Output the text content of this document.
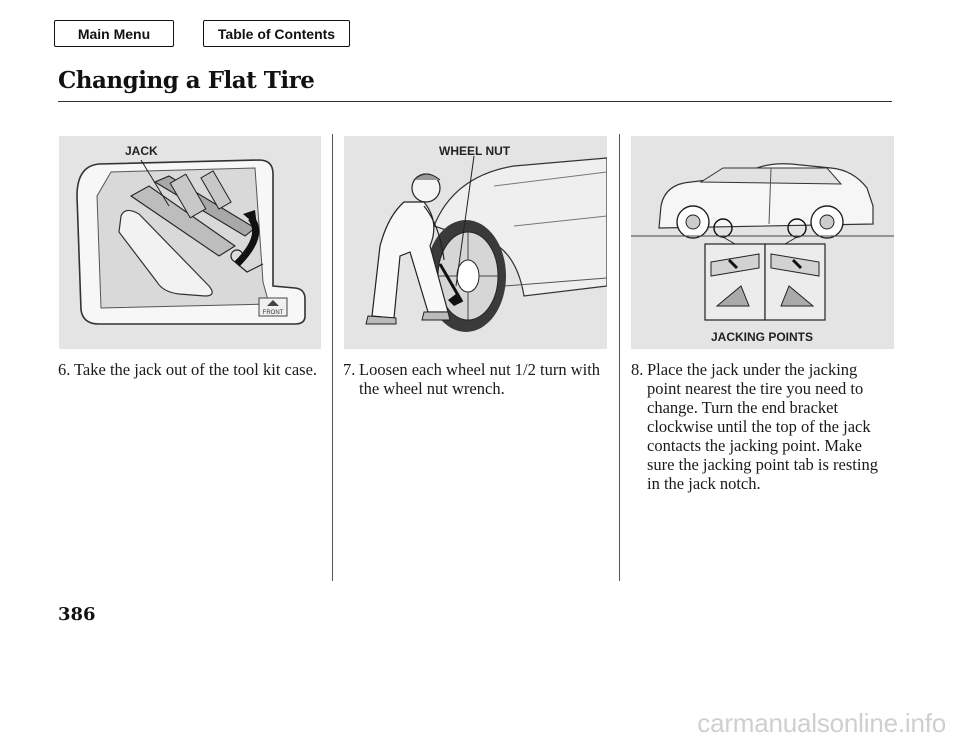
Main Menu	Table of Contents
Changing a Flat Tire
FRONT
JACK	WHEEL NUT
JACKING POINTS
6. Take the jack out of the tool kit case. 7. Loosen each wheel nut 1/2 turn with the wheel nut wrench.
8. Place the jack under the jacking point nearest the tire you need to change. Turn the end bracket clockwise until the top of the jack contacts the jacking point. Make sure the jacking point tab is resting in the jack notch.
386
carmanualsonline.info
